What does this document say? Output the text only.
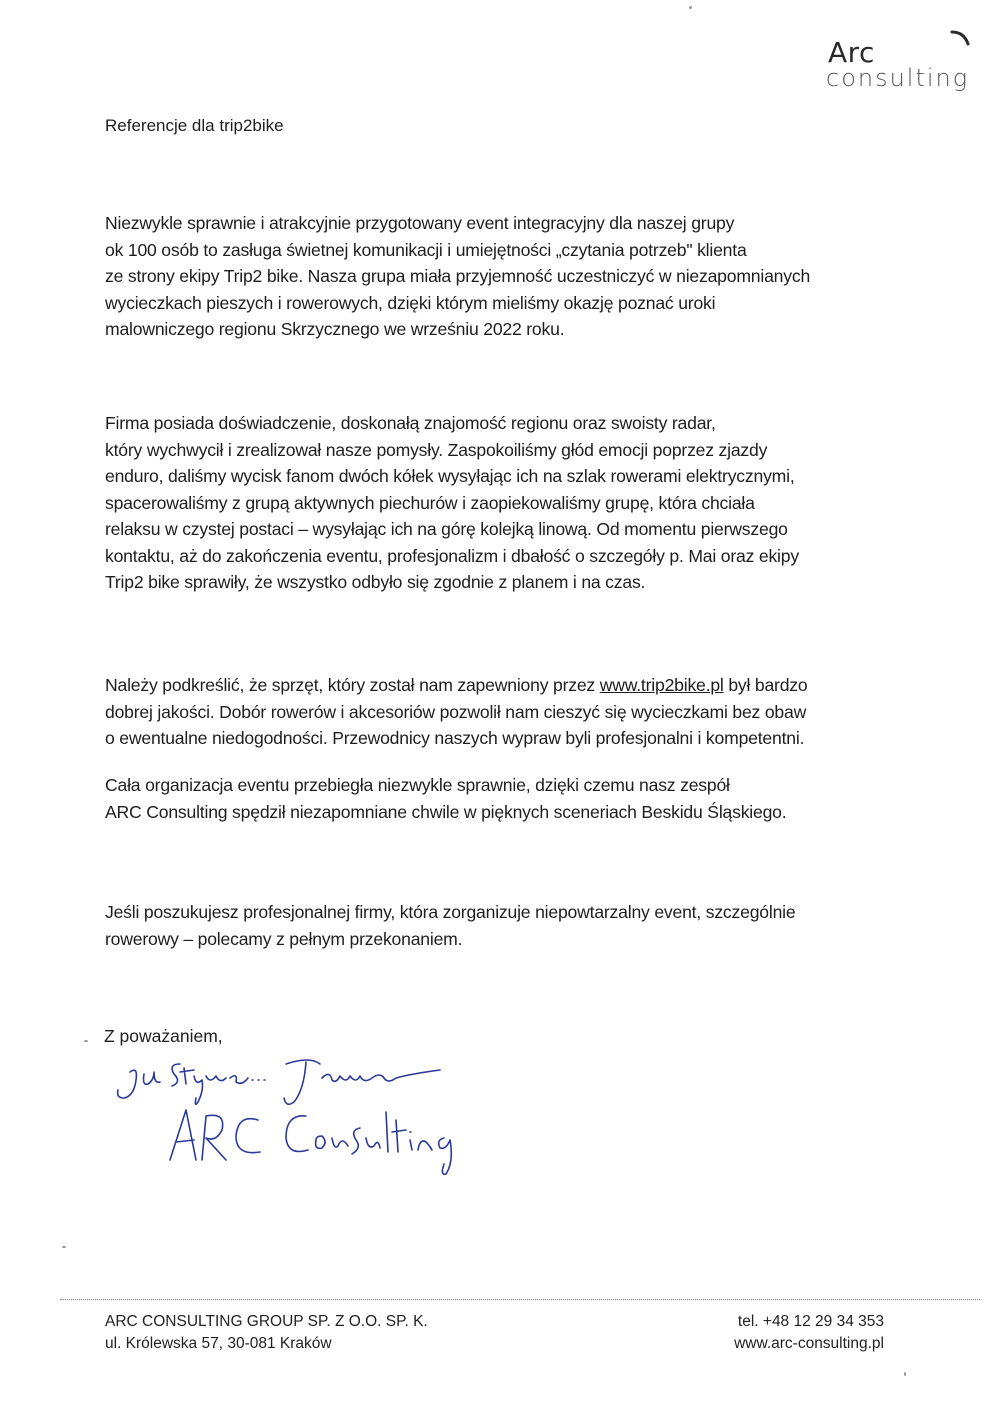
Arc
consulting
Referencje dla trip2bike
Niezwykle sprawnie i atrakcyjnie przygotowany event integracyjny dla naszej grupy
ok 100 osób to zasługa świetnej komunikacji i umiejętności „czytania potrzeb" klienta
ze strony ekipy Trip2 bike. Nasza grupa miała przyjemność uczestniczyć w niezapomnianych
wycieczkach pieszych i rowerowych, dzięki którym mieliśmy okazję poznać uroki
malowniczego regionu Skrzycznego we wrześniu 2022 roku.
Firma posiada doświadczenie, doskonałą znajomość regionu oraz swoisty radar,
który wychwycił i zrealizował nasze pomysły. Zaspokoiliśmy głód emocji poprzez zjazdy
enduro, daliśmy wycisk fanom dwóch kółek wysyłając ich na szlak rowerami elektrycznymi,
spacerowaliśmy z grupą aktywnych piechurów i zaopiekowaliśmy grupę, która chciała
relaksu w czystej postaci – wysyłając ich na górę kolejką linową. Od momentu pierwszego
kontaktu, aż do zakończenia eventu, profesjonalizm i dbałość o szczegóły p. Mai oraz ekipy
Trip2 bike sprawiły, że wszystko odbyło się zgodnie z planem i na czas.
Należy podkreślić, że sprzęt, który został nam zapewniony przez www.trip2bike.pl był bardzo
dobrej jakości. Dobór rowerów i akcesoriów pozwolił nam cieszyć się wycieczkami bez obaw
o ewentualne niedogodności. Przewodnicy naszych wypraw byli profesjonalni i kompetentni.
Cała organizacja eventu przebiegła niezwykle sprawnie, dzięki czemu nasz zespół
ARC Consulting spędził niezapomniane chwile w pięknych sceneriach Beskidu Śląskiego.
Jeśli poszukujesz profesjonalnej firmy, która zorganizuje niepowtarzalny event, szczególnie
rowerowy – polecamy z pełnym przekonaniem.
Z poważaniem,
ARC CONSULTING GROUP SP. Z O.O. SP. K.
ul. Królewska 57, 30-081 Kraków
tel. +48 12 29 34 353
www.arc-consulting.pl
